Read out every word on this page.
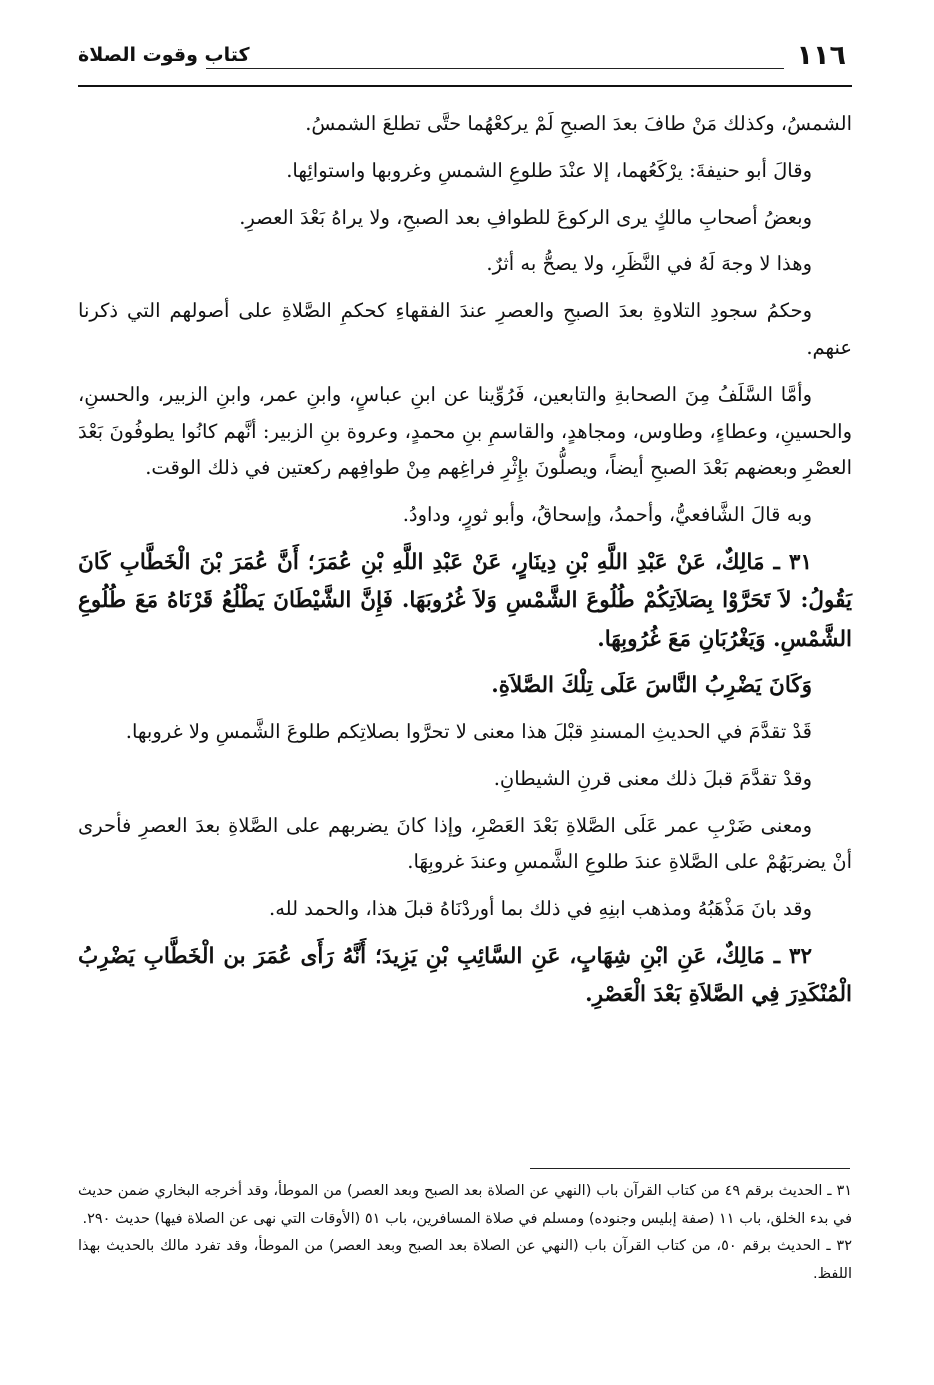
١١٦
كتاب وقوت الصلاة

الشمسُ، وكذلك مَنْ طافَ بعدَ الصبحِ لَمْ يركعْهُما حتَّى تطلعَ الشمسُ.

وقالَ أبو حنيفةَ: يرْكَعُهما، إلا عنْدَ طلوعِ الشمسِ وغروبها واستوائِها.

وبعضُ أصحابِ مالكٍ يرى الركوعَ للطوافِ بعد الصبحِ، ولا يراهُ بَعْدَ العصرِ.

وهذا لا وجهَ لَهُ في النَّظَرِ، ولا يصحُّ به أثرٌ.

وحكمُ سجودِ التلاوةِ بعدَ الصبحِ والعصرِ عندَ الفقهاءِ كحكمِ الصَّلاةِ على أصولهم التي ذكرنا عنهم.

وأمَّا السَّلَفُ مِنَ الصحابةِ والتابعين، فَرُوِّينا عن ابنِ عباسٍ، وابنِ عمر، وابنِ الزبير، والحسنِ، والحسينِ، وعطاءٍ، وطاوس، ومجاهدٍ، والقاسمِ بنِ محمدٍ، وعروة بنِ الزبير: أنَّهم كانُوا يطوفُونَ بَعْدَ العصْرِ وبعضهم بَعْدَ الصبحِ أيضاً، ويصلُّونَ بإِثْرِ فراغِهم مِنْ طوافِهم ركعتين في ذلك الوقت.

وبه قالَ الشَّافعيُّ، وأحمدُ، وإسحاقُ، وأبو ثورٍ، وداودُ.

٣١ ـ مَالِكٌ، عَنْ عَبْدِ اللَّهِ بْنِ دِينَارٍ، عَنْ عَبْدِ اللَّهِ بْنِ عُمَرَ؛ أَنَّ عُمَرَ بْنَ الْخَطَّابِ كَانَ يَقُولُ: لاَ تَحَرَّوْا بِصَلاَتِكُمْ طُلُوعَ الشَّمْسِ وَلاَ غُرُوبَهَا. فَإِنَّ الشَّيْطَانَ يَطْلُعُ قَرْنَاهُ مَعَ طُلُوعِ الشَّمْسِ. وَيَغْرُبَانِ مَعَ غُرُوبِهَا.

وَكَانَ يَضْرِبُ النَّاسَ عَلَى تِلْكَ الصَّلاَةِ.

قَدْ تقدَّمَ في الحديثِ المسندِ قبْلَ هذا معنى لا تحرَّوا بصلاتِكم طلوعَ الشَّمسِ ولا غروبها.

وقدْ تقدَّمَ قبلَ ذلك معنى قرنِ الشيطانِ.

ومعنى ضَرْبِ عمر عَلَى الصَّلاةِ بَعْدَ العَصْرِ، وإذا كانَ يضربهم على الصَّلاةِ بعدَ العصرِ فأحرى أنْ يضربَهُمْ على الصَّلاةِ عندَ طلوعِ الشَّمسِ وعندَ غروبِهَا.

وقد بانَ مَذْهَبُهُ ومذهب ابنِهِ في ذلك بما أوردْنَاهُ قبلَ هذا، والحمد لله.

٣٢ ـ مَالِكٌ، عَنِ ابْنِ شِهَابٍ، عَنِ السَّائِبِ بْنِ يَزِيدَ؛ أَنَّهُ رَأَى عُمَرَ بن الْخَطَّابِ يَضْرِبُ الْمُنْكَدِرَ فِي الصَّلاَةِ بَعْدَ الْعَصْرِ.

٣١ ـ الحديث برقم ٤٩ من كتاب القرآن باب (النهي عن الصلاة بعد الصبح وبعد العصر) من الموطأ، وقد أخرجه البخاري ضمن حديث في بدء الخلق، باب ١١ (صفة إبليس وجنوده) ومسلم في صلاة المسافرين، باب ٥١ (الأوقات التي نهى عن الصلاة فيها) حديث ٢٩٠.

٣٢ ـ الحديث برقم ٥٠، من كتاب القرآن باب (النهي عن الصلاة بعد الصبح وبعد العصر) من الموطأ، وقد تفرد مالك بالحديث بهذا اللفظ.
